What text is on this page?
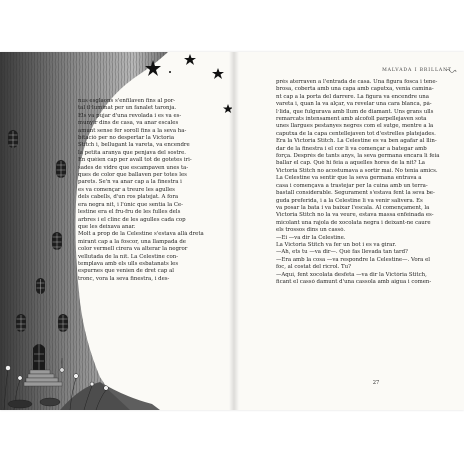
nus esglaons s'enfilaven fins al por-
tal il·luminat per un fanalet taronja.
Els va pujar d'una revolada i es va es-
munyir dins de casa, va anar escales
amunt sense fer soroll fins a la seva ha-
bitació per no despertar la Victoria
Stitch i, bellugant la vareta, va encendre
la petita aranya que penjava del sostre.
En quèien cap per avall tot de gotetes iri-
sades de vidre que escampaven unes ta-
ques de color que ballaven per totes les
parets. Se'n va anar cap a la finestra i
es va començar a treure les agulles
dels cabells, d'un ros platejat. A fora
era negra nit, i l'únic que sentia la Ce-
lestine era el fru-fru de les fulles dels
arbres i el clinc de les agulles cada cop
que les deixava anar.
Molt a prop de la Celestine s'estava allà dreta
mirant cap a la foscor, una llampada de
color vermell cirera va alterar la negror
vellutada de la nit. La Celestine con-
templava amb els ulls esbatanats les
espurnes que venien de dret cap al
tronc, vora la seva finestra, i des-
MALVADA I BRILLANT
prés aterraven a l'entrada de casa. Una figura fosca i tene-
brosa, coberta amb una capa amb caputxa, venia camina-
nt cap a la porta del darrere. La figura va encendre una
vareta i, quan la va alçar, va revelar una cara blanca, pà-
l·lida, que fulgurava amb llum de diamant. Uns grans ulls
remarcats intensament amb alcofoll parpellejaven sota
unes llargues pestanyes negres com el sutge, mentre a la
caputxa de la capa centellejaven tot d'estrelles platejades.
Era la Victoria Stitch. La Celestine es va ben agafar al llin-
dar de la finestra i el cor li va començar a bategar amb
força. Després de tants anys, la seva germana encara li feia
ballar el cap. Què hi feia a aquelles hores de la nit? La
Victoria Stitch no acostumava a sortir mai. No tenia amics.
La Celestine va sentir que la seva germana entrava a
casa i començava a trastejar per la cuina amb un terra-
bastall considerable. Segurament s'estava fent la seva be-
guda preferida, i a la Celestine li va venir salivera. Es
va posar la bata i va baixar l'escala. Al començament, la
Victoria Stitch no la va veure, estava massa enfeinada es-
micolant una rajola de xocolata negra i deixant-ne caure
els trossos dins un cassó.
—Ei —va dir la Celestine.
La Victoria Stitch va fer un bot i es va girar.
—Ah, ets tu —va dir—. Què fas llevada tan tard?
—Era amb la cosa —va respondre la Celestine—. Vora el
foc, al costat del ricrol. Tu?
—Aquí, fent xocolata desfeta —va dir la Victòria Stitch,
ficant el cassó damunt d'una cassola amb aigua i comen-
27
